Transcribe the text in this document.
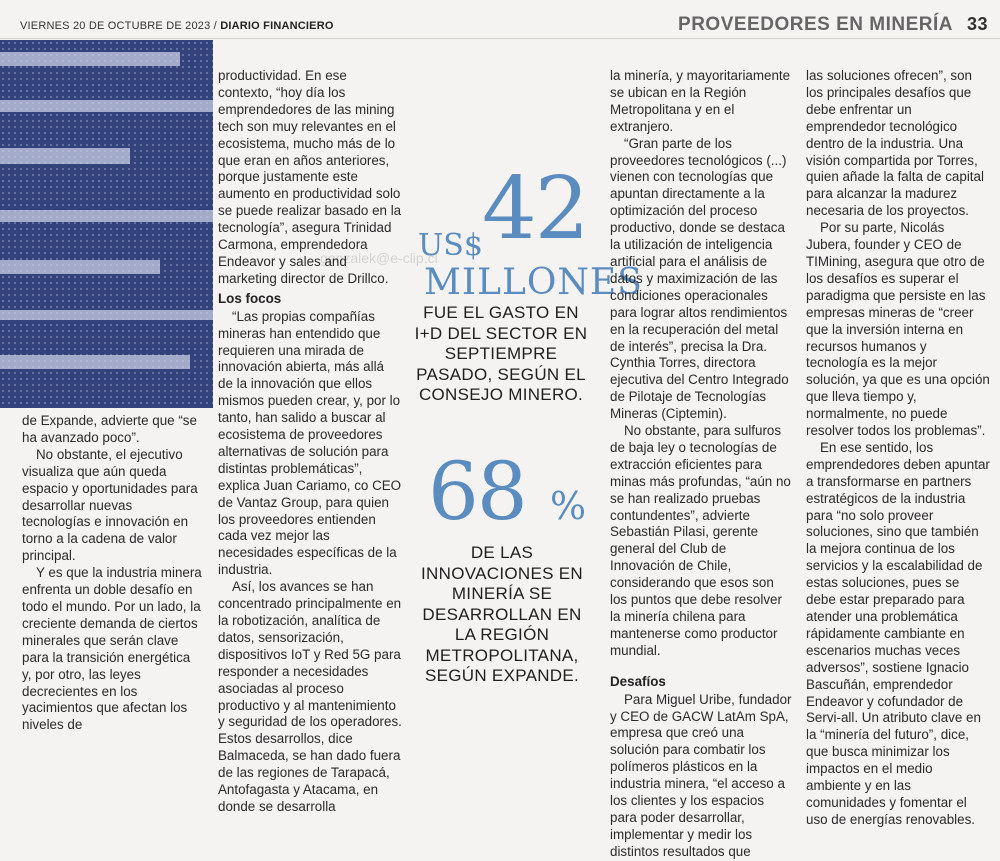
VIERNES 20 DE OCTUBRE DE 2023 / DIARIO FINANCIERO	PROVEEDORES EN MINERÍA 33
gonzalek@e-clip.cl

de Expande, advierte que “se ha avanzado poco”.

No obstante, el ejecutivo visualiza que aún queda espacio y oportunidades para desarrollar nuevas tecnologías e innovación en torno a la cadena de valor principal.

Y es que la industria minera enfrenta un doble desafío en todo el mundo. Por un lado, la creciente demanda de ciertos minerales que serán clave para la transición energética y, por otro, las leyes decrecientes en los yacimientos que afectan los niveles de

productividad. En ese contexto, “hoy día los emprendedores de las mining tech son muy relevantes en el ecosistema, mucho más de lo que eran en años anteriores, porque justamente este aumento en productividad solo se puede realizar basado en la tecnología”, asegura Trinidad Carmona, emprendedora Endeavor y sales and marketing director de Drillco.

Los focos

“Las propias compañías mineras han entendido que requieren una mirada de innovación abierta, más allá de la innovación que ellos mismos pueden crear, y, por lo tanto, han salido a buscar al ecosistema de proveedores alternativas de solución para distintas problemáticas”, explica Juan Cariamo, co CEO de Vantaz Group, para quien los proveedores entienden cada vez mejor las necesidades específicas de la industria.

Así, los avances se han concentrado principalmente en la robotización, analítica de datos, sensorización, dispositivos IoT y Red 5G para responder a necesidades asociadas al proceso productivo y al mantenimiento y seguridad de los operadores. Estos desarrollos, dice Balmaceda, se han dado fuera de las regiones de Tarapacá, Antofagasta y Atacama, en donde se desarrolla

US$ 42
MILLONES
FUE EL GASTO EN I+D DEL SECTOR EN SEPTIEMPRE PASADO, SEGÚN EL CONSEJO MINERO.
68 %
DE LAS INNOVACIONES EN MINERÍA SE DESARROLLAN EN LA REGIÓN METROPOLITANA, SEGÚN EXPANDE.

la minería, y mayoritariamente se ubican en la Región Metropolitana y en el extranjero.

“Gran parte de los proveedores tecnológicos (...) vienen con tecnologías que apuntan directamente a la optimización del proceso productivo, donde se destaca la utilización de inteligencia artificial para el análisis de datos y maximización de las condiciones operacionales para lograr altos rendimientos en la recuperación del metal de interés”, precisa la Dra. Cynthia Torres, directora ejecutiva del Centro Integrado de Pilotaje de Tecnologías Mineras (Ciptemin).

No obstante, para sulfuros de baja ley o tecnologías de extracción eficientes para minas más profundas, “aún no se han realizado pruebas contundentes”, advierte Sebastián Pilasi, gerente general del Club de Innovación de Chile, considerando que esos son los puntos que debe resolver la minería chilena para mantenerse como productor mundial.

Desafíos

Para Miguel Uribe, fundador y CEO de GACW LatAm SpA, empresa que creó una solución para combatir los polímeros plásticos en la industria minera, “el acceso a los clientes y los espacios para poder desarrollar, implementar y medir los distintos resultados que

las soluciones ofrecen”, son los principales desafíos que debe enfrentar un emprendedor tecnológico dentro de la industria. Una visión compartida por Torres, quien añade la falta de capital para alcanzar la madurez necesaria de los proyectos.

Por su parte, Nicolás Jubera, founder y CEO de TIMining, asegura que otro de los desafíos es superar el paradigma que persiste en las empresas mineras de “creer que la inversión interna en recursos humanos y tecnología es la mejor solución, ya que es una opción que lleva tiempo y, normalmente, no puede resolver todos los problemas”.

En ese sentido, los emprendedores deben apuntar a transformarse en partners estratégicos de la industria para “no solo proveer soluciones, sino que también la mejora continua de los servicios y la escalabilidad de estas soluciones, pues se debe estar preparado para atender una problemática rápidamente cambiante en escenarios muchas veces adversos”, sostiene Ignacio Bascuñán, emprendedor Endeavor y cofundador de Servi-all. Un atributo clave en la “minería del futuro”, dice, que busca minimizar los impactos en el medio ambiente y en las comunidades y fomentar el uso de energías renovables.
